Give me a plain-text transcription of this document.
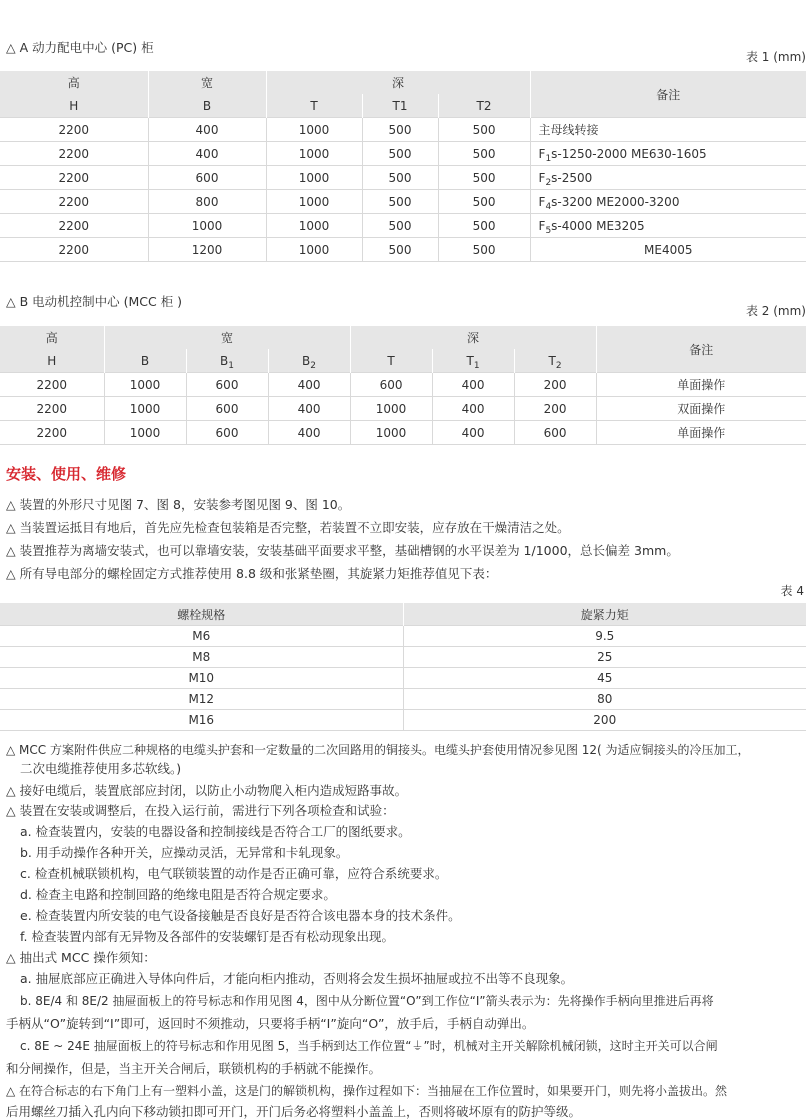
△ A 动力配电中心 (PC) 柜
表 1 (mm)
高	宽	深			备注
H	B	T	T1	T2	
2200	400	1000	500	500	主母线转接
2200	400	1000	500	500	$F_1s-1250-2000$ ME630-1605
2200	600	1000	500	500	$F_2s-2500$
2200	800	1000	500	500	$F_4s-3200$ ME2000-3200
2200	1000	1000	500	500	$F_5s-4000$ ME3205
2200	1200	1000	500	500	ME4005
△ B 电动机控制中心 (MCC 柜 )
表 2 (mm)
高	宽			深			备注
H	B	$B_1$	$B_2$	T	$T_1$	$T_2$
2200	1000	600	400	600	400	200	单面操作
2200	1000	600	400	1000	400	200	双面操作
2200	1000	600	400	1000	400	600	单面操作
安装、使用、维修
△ 装置的外形尺寸见图 7、图 8，安装参考图见图 9、图 10。
△ 当装置运抵目有地后，首先应先检查包装箱是否完整，若装置不立即安装，应存放在干燥清洁之处。
△ 装置推荐为离墙安装式，也可以靠墙安装，安装基础平面要求平整，基础槽钢的水平误差为 1/1000，总长偏差 3mm。
△ 所有导电部分的螺栓固定方式推荐使用 8.8 级和张紧垫圈，其旋紧力矩推荐值见下表：
表 4
螺栓规格	旋紧力矩
M6	9.5
M8	25
M10	45
M12	80
M16	200
△ MCC 方案附件供应二种规格的电缆头护套和一定数量的二次回路用的铜接头。电缆头护套使用情况参见图 12( 为适应铜接头的冷压加工，
二次电缆推荐使用多芯软线。)
△ 接好电缆后，装置底部应封闭，以防止小动物爬入柜内造成短路事故。
△ 装置在安装或调整后，在投入运行前，需进行下列各项检查和试验：
a. 检查装置内，安装的电器设备和控制接线是否符合工厂的图纸要求。
b. 用手动操作各种开关，应操动灵活，无异常和卡轧现象。
c. 检查机械联锁机构，电气联锁装置的动作是否正确可靠，应符合系统要求。
d. 检查主电路和控制回路的绝缘电阻是否符合规定要求。
e. 检查装置内所安装的电气设备接触是否良好是否符合该电器本身的技术条件。
f. 检查装置内部有无异物及各部件的安装螺钉是否有松动现象出现。
△ 抽出式 MCC 操作须知：
a. 抽屉底部应正确进入导体向件后，才能向柜内推动，否则将会发生损坏抽屉或拉不出等不良现象。
b. 8E/4 和 8E/2 抽屉面板上的符号标志和作用见图 4，图中从分断位置“O”到工作位“I”箭头表示为：先将操作手柄向里推进后再将
手柄从“O”旋转到“I”即可，返回时不须推动，只要将手柄“I”旋向“O”，放手后，手柄自动弹出。
c. 8E ~ 24E 抽屉面板上的符号标志和作用见图 5，当手柄到达工作位置“⏚”时，机械对主开关解除机械闭锁，这时主开关可以合闸
和分闸操作，但是，当主开关合闸后，联锁机构的手柄就不能操作。
△ 在符合标志的右下角门上有一塑料小盖，这是门的解锁机构，操作过程如下：当抽屉在工作位置时，如果要开门，则先将小盖拔出。然
后用螺丝刀插入孔内向下移动锁扣即可开门，开门后务必将塑料小盖盖上，否则将破坏原有的防护等级。
